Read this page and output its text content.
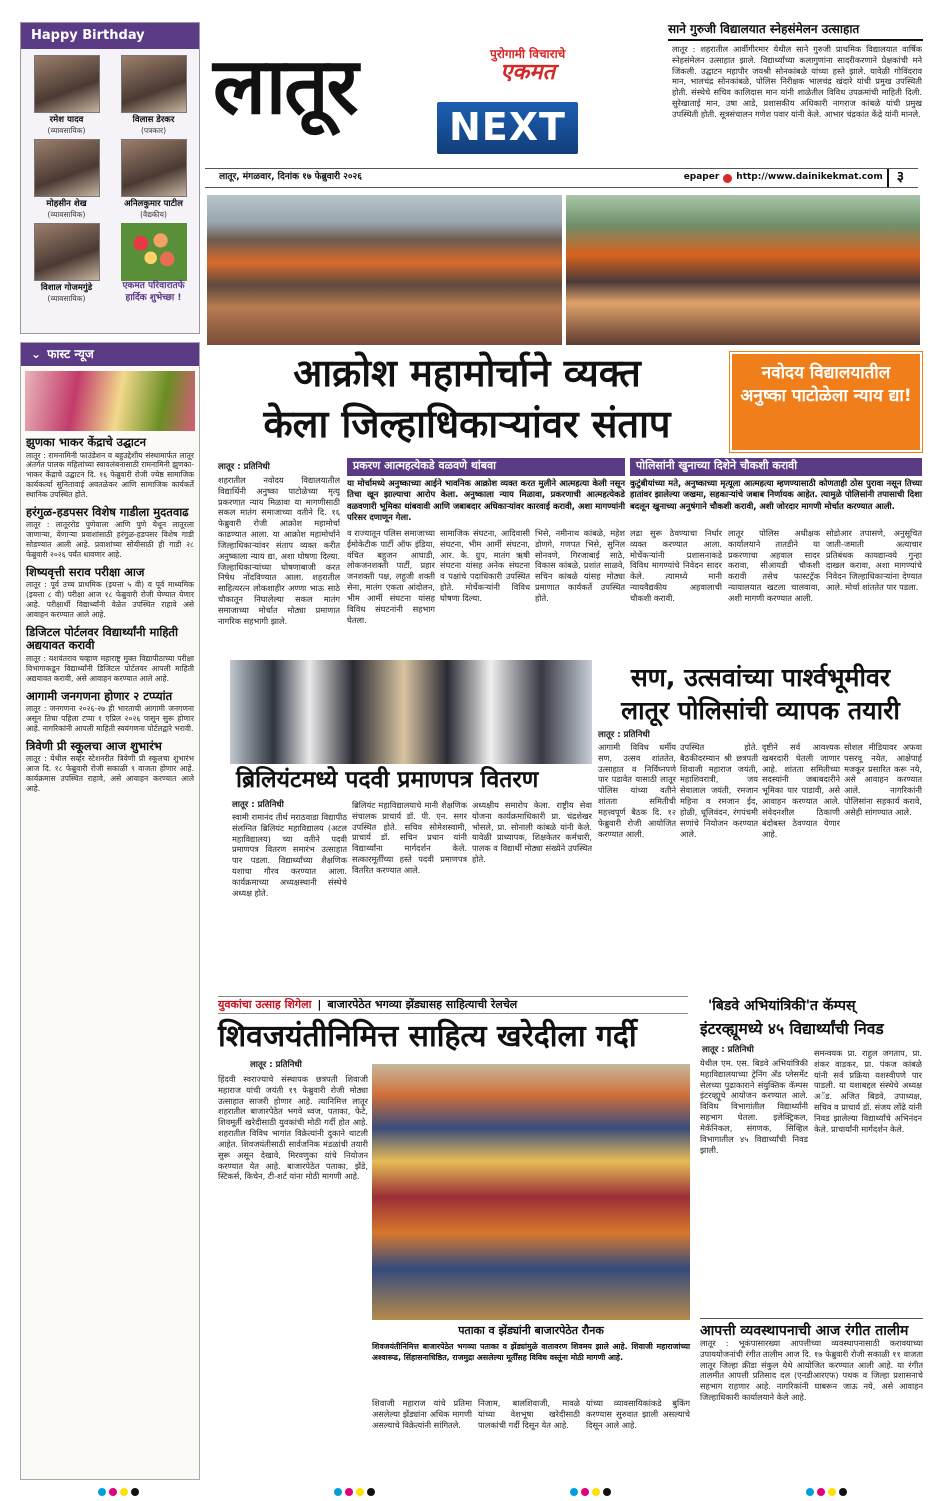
Happy Birthday
रमेश यादव
(व्यावसायिक)
विलास डेरकर
(पत्रकार)
मोहसीन शेख
(व्यावसायिक)
अनिलकुमार पाटील
(वैद्यकीय)
विशाल गोजमगुंडे
(व्यावसायिक)
एकमत परिवारातर्फे हार्दिक शुभेच्छा !
⌄ फास्ट न्यूज
झुणका भाकर केंद्राचे उद्घाटन
लातूर : रामनामिनी फाउंडेशन व बहुउद्देशीय संस्थामार्फत लातूर अंतर्गत पालक महिलांच्या स्वावलंबनासाठी रामनामिनी झुणका-भाकर केंद्राचे उद्घाटन दि. १६ फेब्रुवारी रोजी ज्येष्ठ सामाजिक कार्यकर्त्या सुनितावाई अवतळेकर आणि सामाजिक कार्यकर्ते स्थानिक उपस्थित होते.
हरंगुळ-हडपसर विशेष गाडीला मुदतवाढ
लातूर : लातूररोड पुणेवाला आणि पुणे येथून लातूरला जाणाऱ्या, येणाऱ्या प्रवाशांसाठी हरंगुळ-हडपसर विशेष गाडी सोडण्यात आली आहे. प्रवाशांच्या सोयीसाठी ही गाडी २८ फेब्रुवारी २०२६ पर्यंत धावणार आहे.
शिष्यवृत्ती सराव परीक्षा आज
लातूर : पूर्व उच्च प्राथमिक (इयत्ता ५ वी) व पूर्व माध्यमिक (इयत्ता ८ वी) परीक्षा आज १८ फेब्रुवारी रोजी घेण्यात येणार आहे. परीक्षार्थी विद्यार्थ्यांनी वेळेत उपस्थित राहावे असे आवाहन करण्यात आले आहे.
डिजिटल पोर्टलवर विद्यार्थ्यांनी माहिती अद्ययावत करावी
लातूर : यशवंतराव चव्हाण महाराष्ट्र मुक्त विद्यापीठाच्या परीक्षा विभागाकडून विद्यार्थ्यांनी डिजिटल पोर्टलवर आपली माहिती अद्ययावत करावी, असे आवाहन करण्यात आले आहे.
आगामी जनगणना होणार २ टप्प्यांत
लातूर : जनगणना २०२६-२७ ही भारताची आगामी जनगणना असून तिचा पहिला टप्पा १ एप्रिल २०२६ पासून सुरू होणार आहे. नागरिकांनी आपली माहिती स्वयंगणना पोर्टलद्वारे भरावी.
त्रिवेणी प्री स्कूलचा आज शुभारंभ
लातूर : येथील सर्व्हर स्टेशनरीत त्रिवेणी प्री स्कूलचा शुभारंभ आज दि. १८ फेब्रुवारी रोजी सकाळी ९ वाजता होणार आहे. कार्यक्रमास उपस्थित राहावे, असे आवाहन करण्यात आले आहे.
लातूर	पुरोगामी विचाराचे
एकमत
NEXT
लातूर, मंगळवार, दिनांक १७ फेब्रुवारी २०२६	epaper http://www.dainikekmat.com	३
साने गुरुजी विद्यालयात स्नेहसंमेलन उत्साहात
लातूर : शहरातील आर्वीगीरमार येथील साने गुरुजी प्राथमिक विद्यालयात वार्षिक स्नेहसंमेलन उत्साहात झाले. विद्यार्थ्यांच्या कलागुणांना सादरीकरणाने प्रेक्षकांची मने जिंकली. उद्घाटन महापौर जयश्री सोनकांबळे यांच्या हस्ते झाले. यावेळी गोविंदराव मान, भालचंद्र सोनकांबळे, पोलिस निरीक्षक भालचंद्र खंदारे यांची प्रमुख उपस्थिती होती. संस्थेचे सचिव कालिदास मान यांनी शाळेतील विविध उपक्रमांची माहिती दिली. सुरेखाताई मान, उषा आडे, प्रशासकीय अधिकारी नागराज कांबळे यांची प्रमुख उपस्थिती होती. सूत्रसंचालन गणेश पवार यांनी केले. आभार चंद्रकांत केंद्रे यांनी मानले.
आक्रोश महामोर्चाने व्यक्त
केला जिल्हाधिकाऱ्यांवर संताप
नवोदय विद्यालयातील अनुष्का पाटोळेला न्याय द्या!
लातूर : प्रतिनिधी
शहरातील नवोदय विद्यालयातील विद्यार्थिनी अनुष्का पाटोळेच्या मृत्यू प्रकरणात न्याय मिळावा या मागणीसाठी सकल मातंग समाजाच्या वतीने दि. १६ फेब्रुवारी रोजी आक्रोश महामोर्चा काढण्यात आला. या आक्रोश महामोर्चाने जिल्हाधिकाऱ्यांवर संताप व्यक्त करीत अनुष्काला न्याय द्या, अशा घोषणा दिल्या. जिल्हाधिकाऱ्यांच्या घोषणाबाजी करत निषेध नोंदविण्यात आला. शहरातील साहित्यरत्न लोकशाहीर अण्णा भाऊ साठे चौकातून निघालेल्या सकल मातंग समाजाच्या मोर्चात मोठ्या प्रमाणात नागरिक सहभागी झाले.
प्रकरण आत्महत्येकडे वळवणे थांबवा
या मोर्चामध्ये अनुष्काच्या आईने भावनिक आक्रोश व्यक्त करत मुलीने आत्महत्या केली नसून तिचा खून झाल्याचा आरोप केला. अनुष्काला न्याय मिळावा, प्रकरणाची आत्महत्येकडे वळवणारी भूमिका थांबवावी आणि जबाबदार अधिकाऱ्यांवर कारवाई करावी, अशा मागण्यांनी परिसर दणाणून गेला.
व राज्यातून पलिस समाजाच्या ईमोकेटीक पार्टी ऑफ इंडिया, वंचित बहुजन आघाडी, लोकजनशक्ती पार्टी, प्रहार जनशक्ती पक्ष, लहुजी शक्ती सेना, मातंग एकता आंदोलन, भीम आर्मी संघटना यांसह विविध संघटनांनी सहभाग घेतला.
सामाजिक संघटना, आदिवासी संघटना, भीम आर्मी संघटना, आर. के. ग्रुप, मातंग ऋषी संघटना यांसह अनेक संघटना व पक्षांचे पदाधिकारी उपस्थित होते. मोर्चेकऱ्यांनी विविध घोषणा दिल्या.
भिसे, नमीनाथ कांबळे, महेश डोणगे, गणपत भिसे, सुनिल सोनवणे, गिरजाबाई साठे, विकास कांबळे, प्रशांत साळवे, सचिन कांबळे यांसह मोठ्या प्रमाणात कार्यकर्ते उपस्थित होते.
पोलिसांनी खुनाच्या दिशेने चौकशी करावी
कुटुंबीयांच्या मते, अनुष्काच्या मृत्यूला आत्महत्या म्हणण्यासाठी कोणताही ठोस पुरावा नसून तिच्या हातांवर झालेल्या जखमा, सहकाऱ्यांचे जबाब निर्णायक आहेत. त्यामुळे पोलिसांनी तपासाची दिशा बदलून खुनाच्या अनुषंगाने चौकशी करावी, अशी जोरदार मागणी मोर्चात करण्यात आली.
लढा सुरू ठेवण्याचा निर्धार व्यक्त करण्यात आला. मोर्चेकऱ्यांनी प्रशासनाकडे विविध मागण्यांचे निवेदन सादर केले. त्यामध्ये मानी न्यायवैद्यकीय अहवालाची चौकशी करावी.
लातूर पोलिस अधीक्षक कार्यालयाने तातडीने या प्रकरणाचा अहवाल सादर करावा, सीआयडी चौकशी करावी तसेच फास्टट्रॅक न्यायालयात खटला चालवावा, अशी मागणी करण्यात आली.
सोडोआर तपासणे, अनुसूचित जाती-जमाती अत्याचार प्रतिबंधक कायद्यान्वये गुन्हा दाखल करावा, अशा मागण्यांचे निवेदन जिल्हाधिकाऱ्यांना देण्यात आले. मोर्चा शांततेत पार पडला.
ब्रिलियंटमध्ये पदवी प्रमाणपत्र वितरण
लातूर : प्रतिनिधी
स्वामी रामानंद तीर्थ मराठवाडा विद्यापीठ संलग्नित ब्रिलियंट महाविद्यालय (अटल महाविद्यालय) च्या वतीने पदवी प्रमाणपत्र वितरण समारंभ उत्साहात पार पडला. विद्यार्थ्यांच्या शैक्षणिक यशाचा गौरव करण्यात आला. कार्यक्रमाच्या अध्यक्षस्थानी संस्थेचे अध्यक्ष होते.
ब्रिलियंट महाविद्यालयाचे मानी शैक्षणिक संचालक प्राचार्य डॉ. पी. एन. सगर उपस्थित होते. सचिव सोमेशस्वामी, प्राचार्य डॉ. सचिन प्रधान यांनी विद्यार्थ्यांना मार्गदर्शन केले. सत्कारमूर्तींच्या हस्ते पदवी प्रमाणपत्र वितरित करण्यात आले.
अध्यक्षीय समारोप केला. राष्ट्रीय सेवा योजना कार्यक्रमाधिकारी प्रा. चंद्रशेखर भोसले, प्रा. सोनाली कांबळे यांनी केले. यावेळी प्राध्यापक, शिक्षकेतर कर्मचारी, पालक व विद्यार्थी मोठ्या संख्येने उपस्थित होते.
सण, उत्सवांच्या पार्श्वभूमीवर
लातूर पोलिसांची व्यापक तयारी
लातूर : प्रतिनिधी
आगामी विविध धर्मीय सण, उत्सव शांततेत, उत्साहात व निर्विघ्नपणे पार पडावेत यासाठी लातूर पोलिस यांच्या वतीने शांतता समितीची महत्त्वपूर्ण बैठक दि. १२ फेब्रुवारी रोजी आयोजित करण्यात आली.
उपस्थित होते. बैठकीदरम्यान श्री छत्रपती शिवाजी महाराज जयंती, महाशिवरात्री, जय सेवालाल जयंती, रमजान महिना व रमजान ईद, होळी, धूलिवंदन, रंगपंचमी सणांचे नियोजन करण्यात आले.
दृष्टीने सर्व आवश्यक खबरदारी घेतली जाणार आहे. शांतता समितीच्या सदस्यांनी जबाबदारीने भूमिका पार पाडावी, असे आवाहन करण्यात आले. संवेदनशील ठिकाणी बंदोबस्त ठेवण्यात येणार आहे.
सोशल मीडियावर अफवा पसरवू नयेत, आक्षेपार्ह मजकूर प्रसारित करू नये, असे आवाहन करण्यात आले. नागरिकांनी पोलिसांना सहकार्य करावे, असेही सांगण्यात आले.
युवकांचा उत्साह शिगेला | बाजारपेठेत भगव्या झेंड्यासह साहित्याची रेलचेल
शिवजयंतीनिमित्त साहित्य खरेदीला गर्दी
लातूर : प्रतिनिधी
हिंदवी स्वराज्याचे संस्थापक छत्रपती शिवाजी महाराज यांची जयंती १९ फेब्रुवारी रोजी मोठ्या उत्साहात साजरी होणार आहे. त्यानिमित्त लातूर शहरातील बाजारपेठेत भगवे ध्वज, पताका, फेटे, शिवमूर्ती खरेदीसाठी युवकांची मोठी गर्दी होत आहे. शहरातील विविध भागांत विक्रेत्यांनी दुकाने थाटली आहेत. शिवजयंतीसाठी सार्वजनिक मंडळांची तयारी सुरू असून देखावे, मिरवणुका यांचे नियोजन करण्यात येत आहे. बाजारपेठेत पताका, झेंडे, स्टिकर्स, किचेन, टी-शर्ट यांना मोठी मागणी आहे.
पताका व झेंड्यांनी बाजारपेठेत रौनक
शिवजयंतीनिमित्त बाजारपेठेत भगव्या पताका व झेंड्यांमुळे वातावरण शिवमय झाले आहे. शिवाजी महाराजांच्या अश्वारूढ, सिंहासनाधिष्ठित, राजमुद्रा असलेल्या मूर्तींसह विविध वस्तूंना मोठी मागणी आहे.
शिवाजी महाराज यांचे प्रतिमा असलेल्या झेंड्यांना अधिक मागणी असल्याचे विक्रेत्यांनी सांगितले.
निजाम, बालशिवाजी, मावळे यांच्या वेशभूषा खरेदीसाठी पालकांची गर्दी दिसून येत आहे.
यांच्या व्यावसायिकांकडे बुकिंग करण्यास सुरुवात झाली असल्याचे दिसून आले आहे.
'बिडवे अभियांत्रिकी'त कॅम्पस्
इंटरव्ह्यूमध्ये ४५ विद्यार्थ्यांची निवड
लातूर : प्रतिनिधी
येथील एम. एस. बिडवे अभियांत्रिकी महाविद्यालयाच्या ट्रेनिंग अँड प्लेसमेंट सेलच्या पुढाकाराने संयुक्तिक कॅम्पस इंटरव्ह्यूचे आयोजन करण्यात आले. विविध विभागांतील विद्यार्थ्यांनी सहभाग घेतला. इलेक्ट्रिकल, मेकॅनिकल, संगणक, सिव्हिल विभागातील ४५ विद्यार्थ्यांची निवड झाली.
समन्वयक प्रा. राहुल जगताप, प्रा. शंकर वाडकर, प्रा. पंकज कांबळे यांनी सर्व प्रक्रिया यशस्वीपणे पार पाडली. या यशाबद्दल संस्थेचे अध्यक्ष अॅड. अजित बिडवे, उपाध्यक्ष, सचिव व प्राचार्य डॉ. संजय लोंढे यांनी निवड झालेल्या विद्यार्थ्यांचे अभिनंदन केले. प्राचार्यांनी मार्गदर्शन केले.
आपत्ती व्यवस्थापनाची आज रंगीत तालीम
लातूर : भूकंपासारख्या आपत्तीच्या व्यवस्थापनासाठी करावयाच्या उपाययोजनांची रंगीत तालीम आज दि. १७ फेब्रुवारी रोजी सकाळी ११ वाजता लातूर जिल्हा क्रीडा संकुल येथे आयोजित करण्यात आली आहे. या रंगीत तालमीत आपत्ती प्रतिसाद दल (एनडीआरएफ) पथक व जिल्हा प्रशासनाचे सहभाग राहणार आहे. नागरिकांनी घाबरून जाऊ नये, असे आवाहन जिल्हाधिकारी कार्यालयाने केले आहे.
